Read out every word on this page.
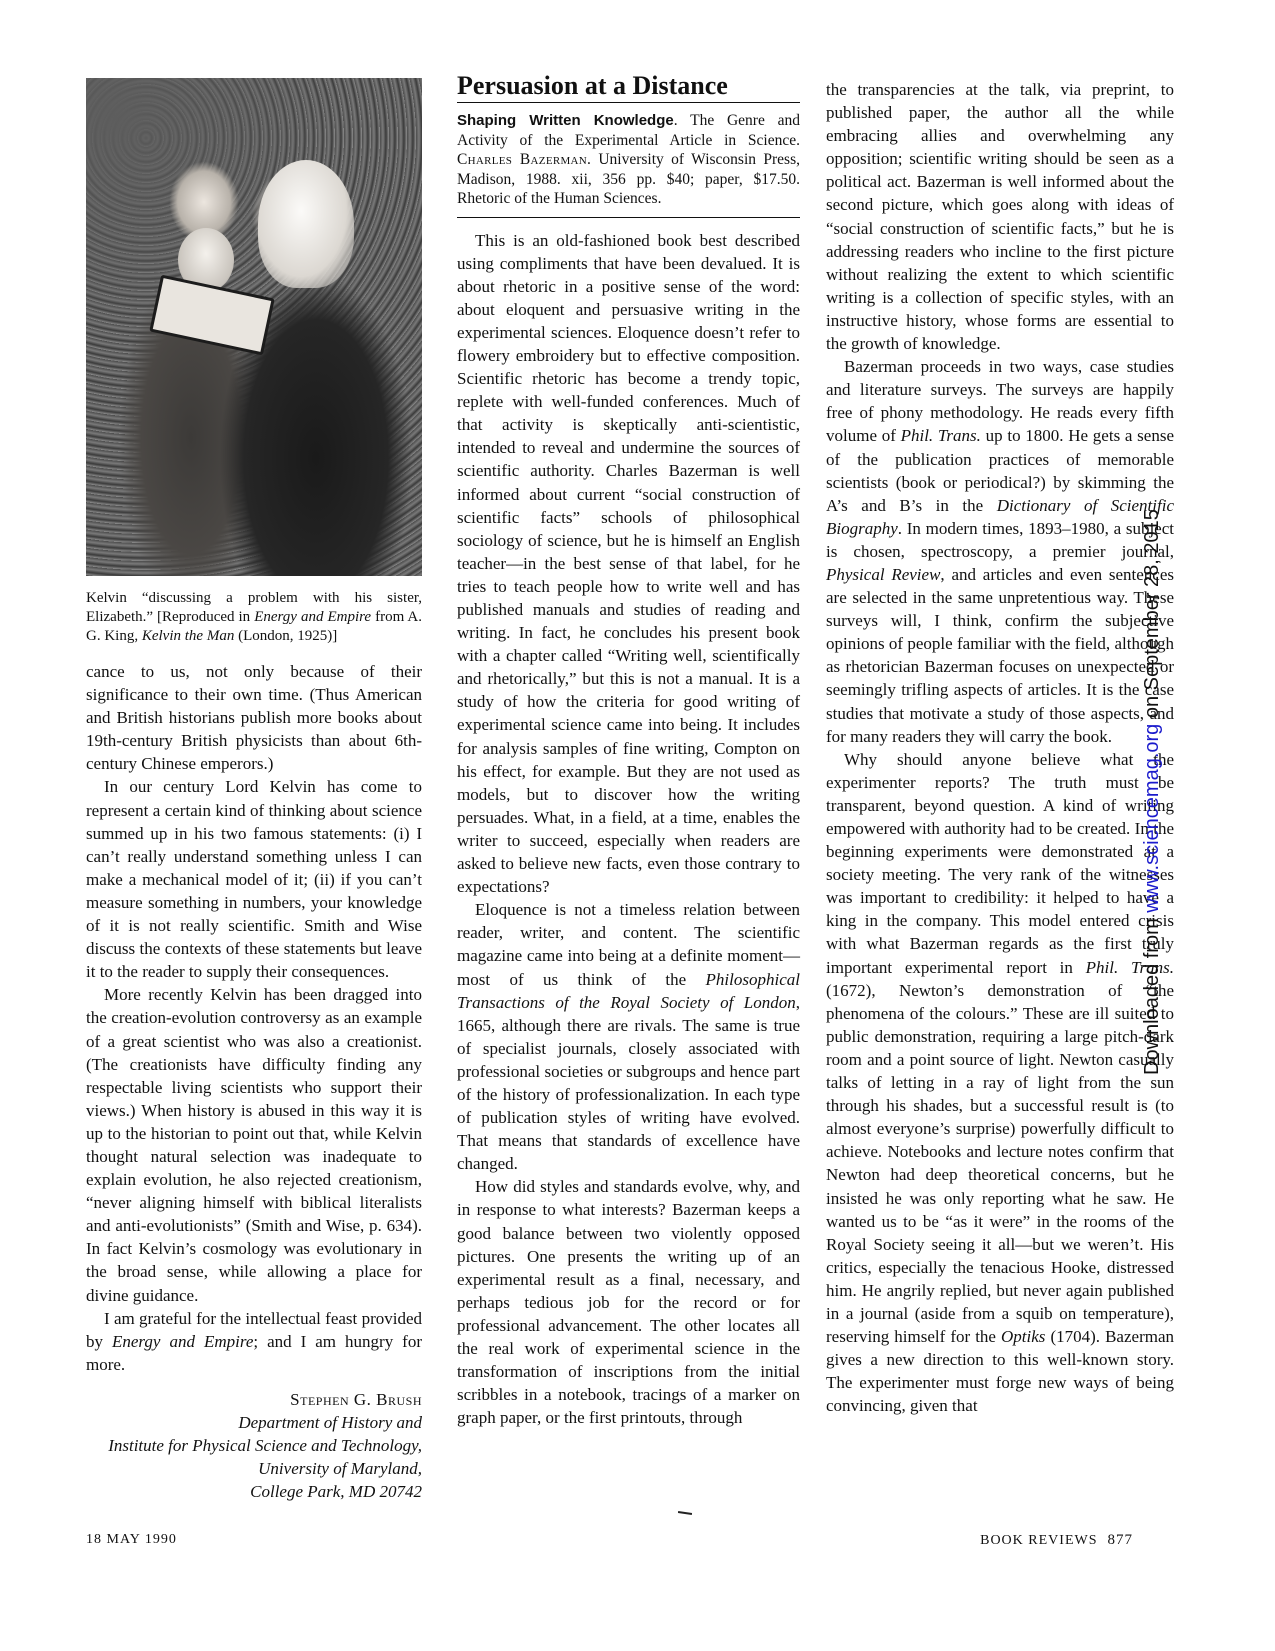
Kelvin “discussing a problem with his sister, Elizabeth.” [Reproduced in Energy and Empire from A. G. King, Kelvin the Man (London, 1925)]

cance to us, not only because of their significance to their own time. (Thus American and British historians publish more books about 19th-century British physicists than about 6th-century Chinese emperors.)

In our century Lord Kelvin has come to represent a certain kind of thinking about science summed up in his two famous statements: (i) I can’t really understand something unless I can make a mechanical model of it; (ii) if you can’t measure something in numbers, your knowledge of it is not really scientific. Smith and Wise discuss the contexts of these statements but leave it to the reader to supply their consequences.

More recently Kelvin has been dragged into the creation-evolution controversy as an example of a great scientist who was also a creationist. (The creationists have difficulty finding any respectable living scientists who support their views.) When history is abused in this way it is up to the historian to point out that, while Kelvin thought natural selection was inadequate to explain evolution, he also rejected creationism, “never aligning himself with biblical literalists and anti-evolutionists” (Smith and Wise, p. 634). In fact Kelvin’s cosmology was evolutionary in the broad sense, while allowing a place for divine guidance.

I am grateful for the intellectual feast provided by Energy and Empire; and I am hungry for more.

Stephen G. Brush
Department of History and
Institute for Physical Science and Technology,
University of Maryland,
College Park, MD 20742
Persuasion at a Distance
Shaping Written Knowledge. The Genre and Activity of the Experimental Article in Science. Charles Bazerman. University of Wisconsin Press, Madison, 1988. xii, 356 pp. $40; paper, $17.50. Rhetoric of the Human Sciences.

This is an old-fashioned book best described using compliments that have been devalued. It is about rhetoric in a positive sense of the word: about eloquent and persuasive writing in the experimental sciences. Eloquence doesn’t refer to flowery embroidery but to effective composition. Scientific rhetoric has become a trendy topic, replete with well-funded conferences. Much of that activity is skeptically anti-scientistic, intended to reveal and undermine the sources of scientific authority. Charles Bazerman is well informed about current “social construction of scientific facts” schools of philosophical sociology of science, but he is himself an English teacher—in the best sense of that label, for he tries to teach people how to write well and has published manuals and studies of reading and writing. In fact, he concludes his present book with a chapter called “Writing well, scientifically and rhetorically,” but this is not a manual. It is a study of how the criteria for good writing of experimental science came into being. It includes for analysis samples of fine writing, Compton on his effect, for example. But they are not used as models, but to discover how the writing persuades. What, in a field, at a time, enables the writer to succeed, especially when readers are asked to believe new facts, even those contrary to expectations?

Eloquence is not a timeless relation between reader, writer, and content. The scientific magazine came into being at a definite moment—most of us think of the Philosophical Transactions of the Royal Society of London, 1665, although there are rivals. The same is true of specialist journals, closely associated with professional societies or subgroups and hence part of the history of professionalization. In each type of publication styles of writing have evolved. That means that standards of excellence have changed.

How did styles and standards evolve, why, and in response to what interests? Bazerman keeps a good balance between two violently opposed pictures. One presents the writing up of an experimental result as a final, necessary, and perhaps tedious job for the record or for professional advancement. The other locates all the real work of experimental science in the transformation of inscriptions from the initial scribbles in a notebook, tracings of a marker on graph paper, or the first printouts, through

the transparencies at the talk, via preprint, to published paper, the author all the while embracing allies and overwhelming any opposition; scientific writing should be seen as a political act. Bazerman is well informed about the second picture, which goes along with ideas of “social construction of scientific facts,” but he is addressing readers who incline to the first picture without realizing the extent to which scientific writing is a collection of specific styles, with an instructive history, whose forms are essential to the growth of knowledge.

Bazerman proceeds in two ways, case studies and literature surveys. The surveys are happily free of phony methodology. He reads every fifth volume of Phil. Trans. up to 1800. He gets a sense of the publication practices of memorable scientists (book or periodical?) by skimming the A’s and B’s in the Dictionary of Scientific Biography. In modern times, 1893–1980, a subject is chosen, spectroscopy, a premier journal, Physical Review, and articles and even sentences are selected in the same unpretentious way. These surveys will, I think, confirm the subjective opinions of people familiar with the field, although as rhetorician Bazerman focuses on unexpected or seemingly trifling aspects of articles. It is the case studies that motivate a study of those aspects, and for many readers they will carry the book.

Why should anyone believe what the experimenter reports? The truth must be transparent, beyond question. A kind of writing empowered with authority had to be created. In the beginning experiments were demonstrated at a society meeting. The very rank of the witnesses was important to credibility: it helped to have a king in the company. This model entered crisis with what Bazerman regards as the first truly important experimental report in Phil. Trans. (1672), Newton’s demonstration of “the phenomena of the colours.” These are ill suited to public demonstration, requiring a large pitch-dark room and a point source of light. Newton casually talks of letting in a ray of light from the sun through his shades, but a successful result is (to almost everyone’s surprise) powerfully difficult to achieve. Notebooks and lecture notes confirm that Newton had deep theoretical concerns, but he insisted he was only reporting what he saw. He wanted us to be “as it were” in the rooms of the Royal Society seeing it all—but we weren’t. His critics, especially the tenacious Hooke, distressed him. He angrily replied, but never again published in a journal (aside from a squib on temperature), reserving himself for the Optiks (1704). Bazerman gives a new direction to this well-known story. The experimenter must forge new ways of being convincing, given that

18 MAY 1990	BOOK REVIEWS 877
Downloaded from www.sciencemag.org on September 28, 2015
